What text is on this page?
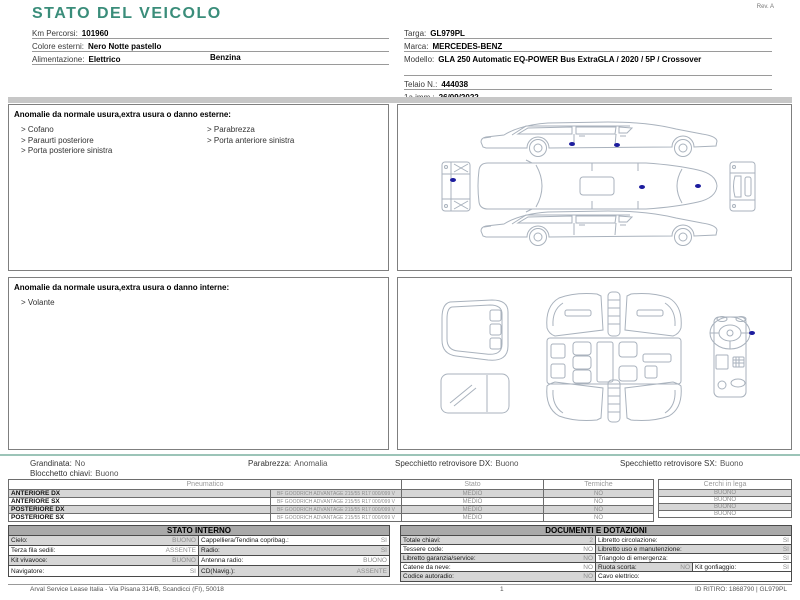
STATO DEL VEICOLO	Rev. A
Km Percorsi: 101960
Colore esterni: Nero Notte pastello
Alimentazione: Elettrico	Benzina
Targa: GL979PL
Marca: MERCEDES-BENZ
Modello: GLA 250 Automatic EQ-POWER Bus ExtraGLA / 2020 / 5P / Crossover
Telaio N.: 444038
Anomalie da normale usura,extra usura o danno esterne:
> Cofano
> Paraurti posteriore
> Porta posteriore sinistra
> Parabrezza
> Porta anteriore sinistra
Anomalie da normale usura,extra usura o danno interne:
> Volante
Grandinata: No	Parabrezza: Anomalia	Specchietto retrovisore DX: Buono	Specchietto retrovisore SX: Buono
Blocchetto chiavi: Buono
Pneumatico		Stato	Termiche
ANTERIORE DX	BF GOODRICH ADVANTAGE 215/55 R17 000/099 V	MEDIO	NO
ANTERIORE SX	BF GOODRICH ADVANTAGE 215/55 R17 000/099 V	MEDIO	NO
POSTERIORE DX	BF GOODRICH ADVANTAGE 215/55 R17 000/099 V	MEDIO	NO
POSTERIORE SX	BF GOODRICH ADVANTAGE 215/55 R17 000/099 V	MEDIO	NO
Cerchi in lega
BUONO
BUONO
BUONO
BUONO
STATO INTERNO
Cielo:	BUONO Cappelliera/Tendina copribag.:	SI
Terza fila sedili:	ASSENTE Radio:	SI
Kit vivavoce:	BUONO Antenna radio:	BUONO
Navigatore:	SI CD(Navig.):	ASSENTE
DOCUMENTI E DOTAZIONI
Totale chiavi:	2 Libretto circolazione:	SI
Tessere code:	NO Libretto uso e manutenzione:	SI
Libretto garanzia/service:	NO Triangolo di emergenza:	SI
Catene da neve:	NO Ruota scorta:	NO Kit gonfiaggio:	SI
Codice autoradio:	NO Cavo elettrico:
Arval Service Lease Italia - Via Pisana 314/B, Scandicci (FI), 50018	1	ID RITIRO: 1868790 | GL979PL
